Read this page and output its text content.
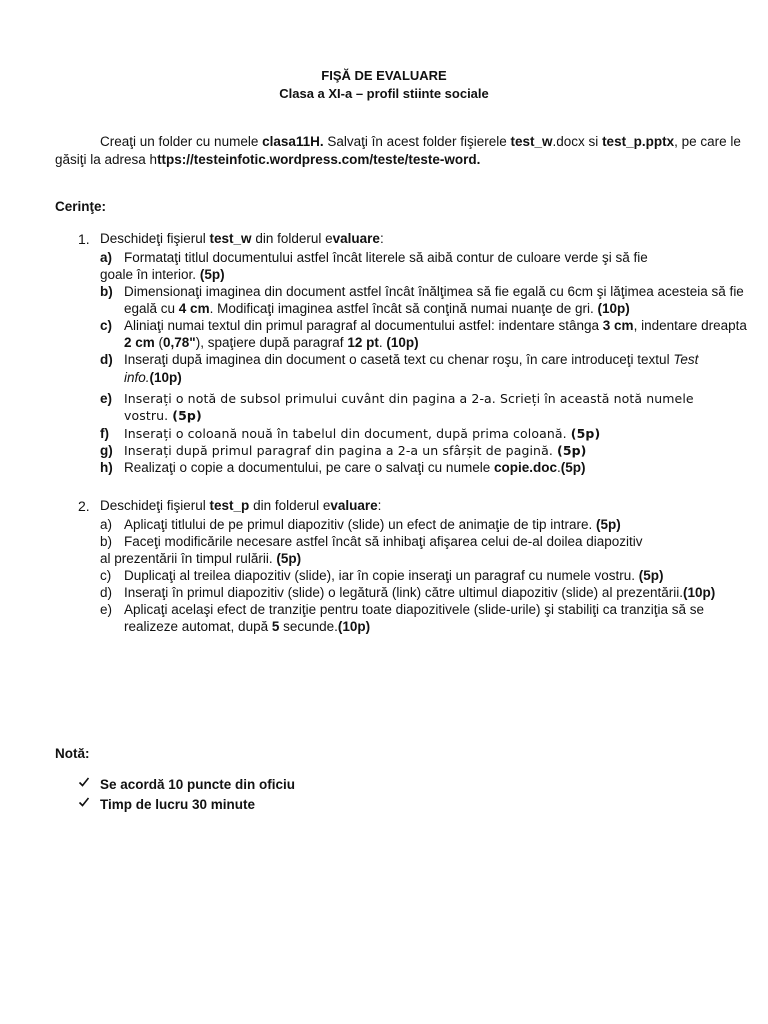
FIŞĂ DE EVALUARE
Clasa a XI-a – profil stiinte sociale
Creaţi un folder cu numele clasa11H. Salvaţi în acest folder fişierele test_w.docx si test_p.pptx, pe care le
găsiţi la adresa https://testeinfotic.wordpress.com/teste/teste-word.
Cerinţe:
1. Deschideţi fişierul test_w din folderul evaluare:
a) Formataţi titlul documentului astfel încât literele să aibă contur de culoare verde şi să fie
goale în interior. (5p)
b) Dimensionaţi imaginea din document astfel încât înălţimea să fie egală cu 6cm şi lăţimea acesteia să fie
egală cu 4 cm. Modificaţi imaginea astfel încât să conţină numai nuanţe de gri. (10p)
c) Aliniaţi numai textul din primul paragraf al documentului astfel: indentare stânga 3 cm, indentare dreapta
2 cm (0,78"), spaţiere după paragraf 12 pt. (10p)
d) Inseraţi după imaginea din document o casetă text cu chenar roşu, în care introduceţi textul Test
info.(10p)
e) Inserați o notă de subsol primului cuvânt din pagina a 2-a. Scrieți în această notă numele
vostru. (5p)
f) Inserați o coloană nouă în tabelul din document, după prima coloană. (5p)
g) Inserați după primul paragraf din pagina a 2-a un sfârșit de pagină. (5p)
h) Realizaţi o copie a documentului, pe care o salvaţi cu numele copie.doc.(5p)
2. Deschideţi fişierul test_p din folderul evaluare:
a) Aplicaţi titlului de pe primul diapozitiv (slide) un efect de animaţie de tip intrare. (5p)
b) Faceţi modificările necesare astfel încât să inhibaţi afişarea celui de-al doilea diapozitiv
al prezentării în timpul rulării. (5p)
c) Duplicaţi al treilea diapozitiv (slide), iar în copie inseraţi un paragraf cu numele vostru. (5p)
d) Inseraţi în primul diapozitiv (slide) o legătură (link) către ultimul diapozitiv (slide) al prezentării.(10p)
e) Aplicaţi acelaşi efect de tranziţie pentru toate diapozitivele (slide-urile) şi stabiliţi ca tranziţia să se
realizeze automat, după 5 secunde.(10p)
Notă:
Se acordă 10 puncte din oficiu
Timp de lucru 30 minute
